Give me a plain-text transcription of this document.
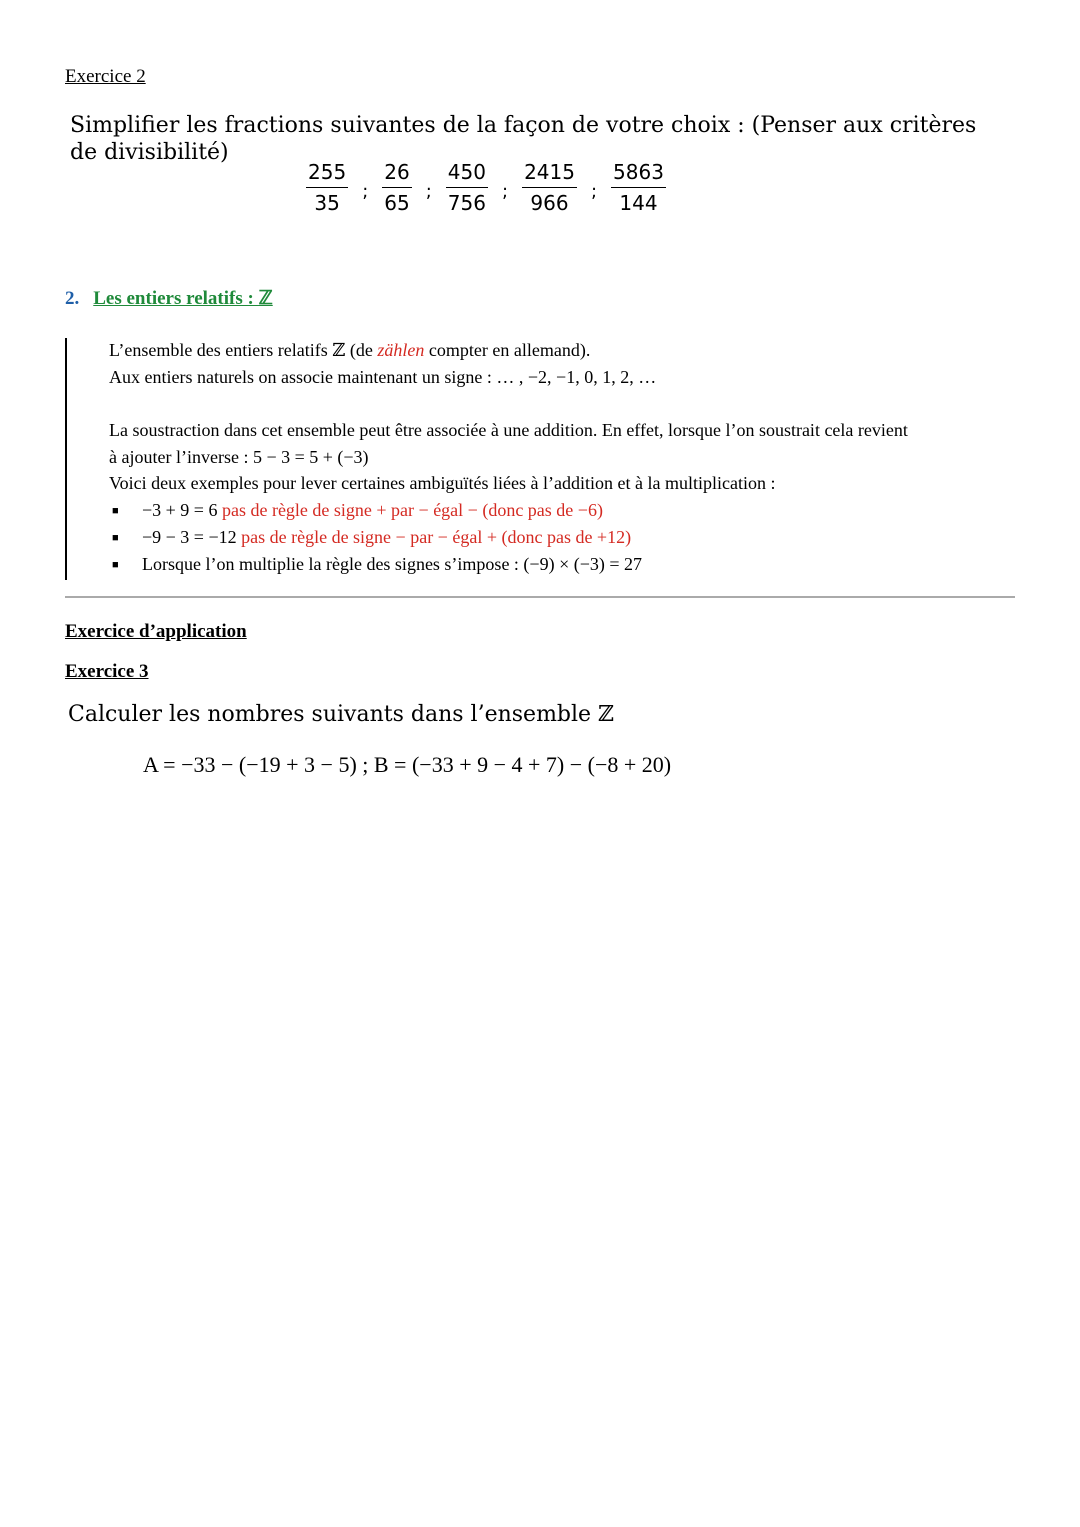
Exercice 2
Simplifier les fractions suivantes de la façon de votre choix : (Penser aux critères
de divisibilité)
$\frac{255}{35}$ ; $\frac{26}{65}$ ; $\frac{450}{756}$ ; $\frac{2415}{966}$ ; $\frac{5863}{144}$
2. Les entiers relatifs : ℤ
L’ensemble des entiers relatifs ℤ (de zählen compter en allemand).
Aux entiers naturels on associe maintenant un signe : … , −2, −1, 0, 1, 2, …
La soustraction dans cet ensemble peut être associée à une addition. En effet, lorsque l’on soustrait cela revient
à ajouter l’inverse : 5 − 3 = 5 + (−3)
Voici deux exemples pour lever certaines ambiguïtés liées à l’addition et à la multiplication :
■ −3 + 9 = 6 pas de règle de signe + par − égal − (donc pas de −6)
■ −9 − 3 = −12 pas de règle de signe − par − égal + (donc pas de +12)
■ Lorsque l’on multiplie la règle des signes s’impose : (−9) × (−3) = 27
Exercice d’application
Exercice 3
Calculer les nombres suivants dans l’ensemble ℤ
A = −33 − (−19 + 3 − 5) ; B = (−33 + 9 − 4 + 7) − (−8 + 20)
